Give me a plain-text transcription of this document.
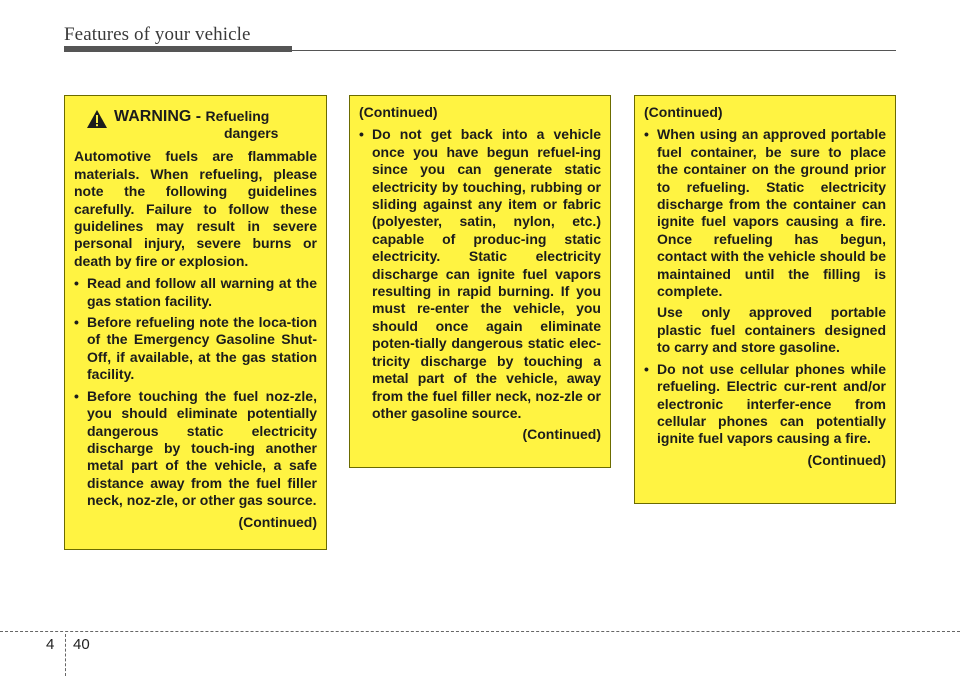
Features of your vehicle
WARNING - Refueling
dangers

Automotive fuels are flammable materials. When refueling, please note the following guidelines carefully. Failure to follow these guidelines may result in severe personal injury, severe burns or death by fire or explosion.

• Read and follow all warning at the gas station facility.
• Before refueling note the loca-tion of the Emergency Gasoline Shut-Off, if available, at the gas station facility.
• Before touching the fuel noz-zle, you should eliminate potentially dangerous static electricity discharge by touch-ing another metal part of the vehicle, a safe distance away from the fuel filler neck, noz-zle, or other gas source.

(Continued)

(Continued)

• Do not get back into a vehicle once you have begun refuel-ing since you can generate static electricity by touching, rubbing or sliding against any item or fabric (polyester, satin, nylon, etc.) capable of produc-ing static electricity. Static electricity discharge can ignite fuel vapors resulting in rapid burning. If you must re-enter the vehicle, you should once again eliminate poten-tially dangerous static elec-tricity discharge by touching a metal part of the vehicle, away from the fuel filler neck, noz-zle or other gasoline source.

(Continued)

(Continued)

• When using an approved portable fuel container, be sure to place the container on the ground prior to refueling. Static electricity discharge from the container can ignite fuel vapors causing a fire. Once refueling has begun, contact with the vehicle should be maintained until the filling is complete.

Use only approved portable plastic fuel containers designed to carry and store gasoline.

• Do not use cellular phones while refueling. Electric cur-rent and/or electronic interfer-ence from cellular phones can potentially ignite fuel vapors causing a fire.

(Continued)

4 40
